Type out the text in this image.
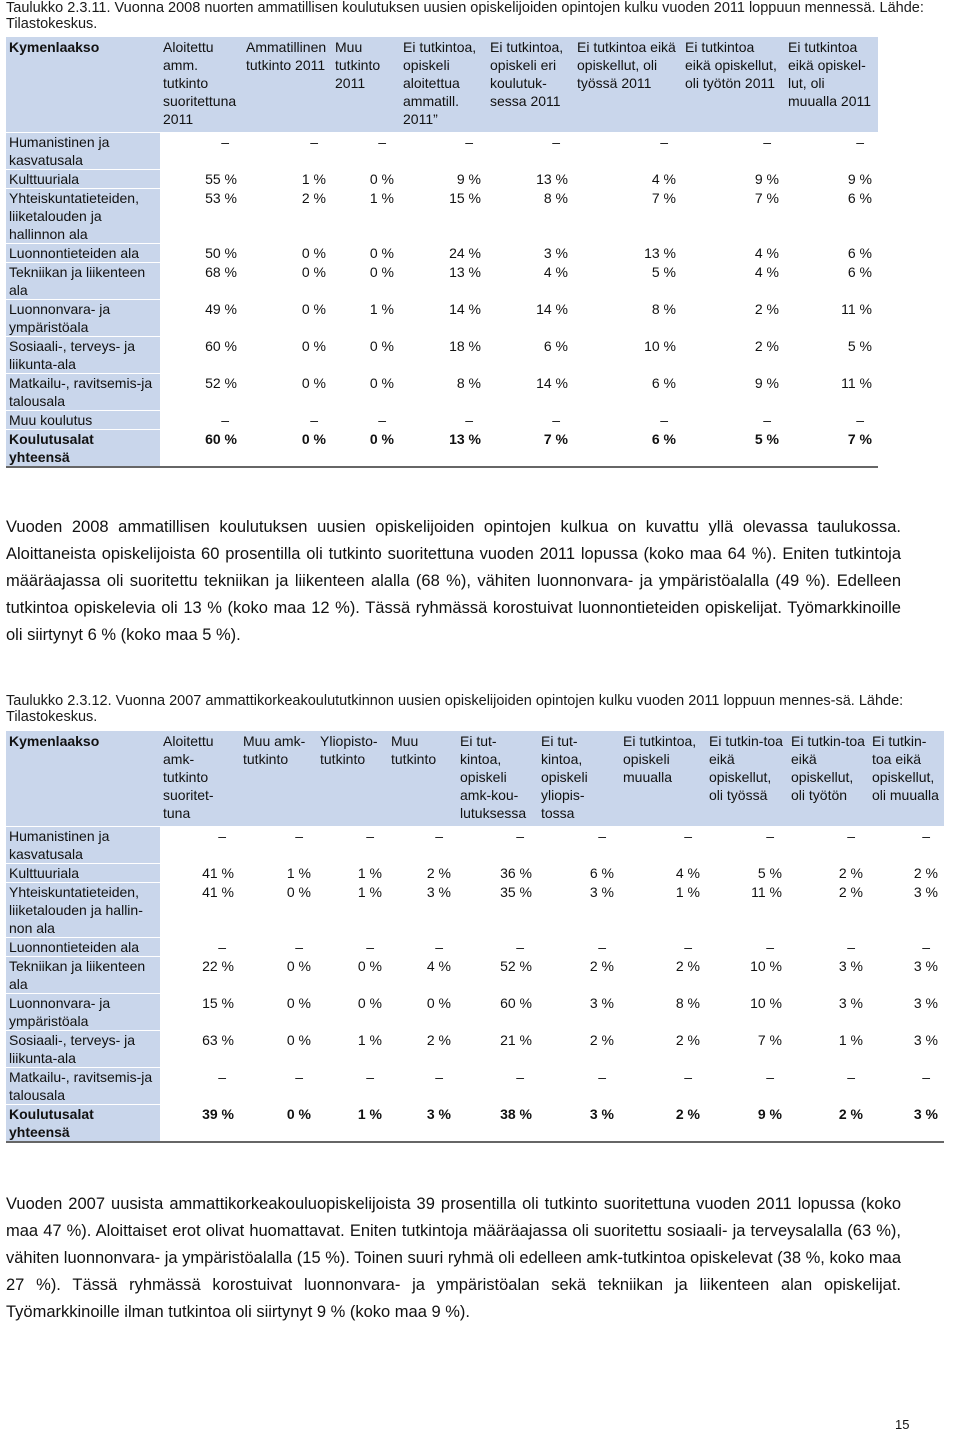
Taulukko 2.3.11. Vuonna 2008 nuorten ammatillisen koulutuksen uusien opiskelijoiden opintojen kulku vuoden 2011 loppuun mennessä. Lähde: Tilastokeskus.
Kymenlaakso	Aloitettu amm. tutkinto suoritettuna 2011	Ammatillinen tutkinto 2011	Muu tutkinto 2011	Ei tutkintoa, opiskeli aloitettua ammatill. 2011”	Ei tutkintoa, opiskeli eri koulutuk-sessa 2011	Ei tutkintoa eikä opiskellut, oli työssä 2011	Ei tutkintoa eikä opiskellut, oli työtön 2011	Ei tutkintoa eikä opiskel-lut, oli muualla 2011
Humanistinen ja kasvatusala	–	–	–	–	–	–	–	–
Kulttuuriala	55 %	1 %	0 %	9 %	13 %	4 %	9 %	9 %
Yhteiskuntatieteiden, liiketalouden ja hallinnon ala	53 %	2 %	1 %	15 %	8 %	7 %	7 %	6 %
Luonnontieteiden ala	50 %	0 %	0 %	24 %	3 %	13 %	4 %	6 %
Tekniikan ja liikenteen ala	68 %	0 %	0 %	13 %	4 %	5 %	4 %	6 %
Luonnonvara- ja ympäristöala	49 %	0 %	1 %	14 %	14 %	8 %	2 %	11 %
Sosiaali-, terveys- ja liikunta-ala	60 %	0 %	0 %	18 %	6 %	10 %	2 %	5 %
Matkailu-, ravitsemis-ja talousala	52 %	0 %	0 %	8 %	14 %	6 %	9 %	11 %
Muu koulutus	–	–	–	–	–	–	–	–
Koulutusalat yhteensä	60 %	0 %	0 %	13 %	7 %	6 %	5 %	7 %
Vuoden 2008 ammatillisen koulutuksen uusien opiskelijoiden opintojen kulkua on kuvattu yllä olevassa taulukossa. Aloittaneista opiskelijoista 60 prosentilla oli tutkinto suoritettuna vuoden 2011 lopussa (koko maa 64 %). Eniten tutkintoja määräajassa oli suoritettu tekniikan ja liikenteen alalla (68 %), vähiten luonnonvara- ja ympäristöalalla (49 %). Edelleen tutkintoa opiskelevia oli 13 % (koko maa 12 %). Tässä ryhmässä korostuivat luonnontieteiden opiskelijat. Työmarkkinoille oli siirtynyt 6 % (koko maa 5 %).
Taulukko 2.3.12. Vuonna 2007 ammattikorkeakoulututkinnon uusien opiskelijoiden opintojen kulku vuoden 2011 loppuun mennes-sä. Lähde: Tilastokeskus.
Kymenlaakso	Aloitettu amk-tutkinto suoritet-tuna	Muu amk-tutkinto	Yliopisto-tutkinto	Muu tutkinto	Ei tut-kintoa, opiskeli amk-kou-lutuksessa	Ei tut-kintoa, opiskeli yliopis-tossa	Ei tutkintoa, opiskeli muualla	Ei tutkin-toa eikä opiskellut, oli työssä	Ei tutkin-toa eikä opiskellut, oli työtön	Ei tutkin-toa eikä opiskellut, oli muualla
Humanistinen ja kasvatusala	–	–	–	–	–	–	–	–	–	–
Kulttuuriala	41 %	1 %	1 %	2 %	36 %	6 %	4 %	5 %	2 %	2 %
Yhteiskuntatieteiden, liiketalouden ja hallin-non ala	41 %	0 %	1 %	3 %	35 %	3 %	1 %	11 %	2 %	3 %
Luonnontieteiden ala	–	–	–	–	–	–	–	–	–	–
Tekniikan ja liikenteen ala	22 %	0 %	0 %	4 %	52 %	2 %	2 %	10 %	3 %	3 %
Luonnonvara- ja ympäristöala	15 %	0 %	0 %	0 %	60 %	3 %	8 %	10 %	3 %	3 %
Sosiaali-, terveys- ja liikunta-ala	63 %	0 %	1 %	2 %	21 %	2 %	2 %	7 %	1 %	3 %
Matkailu-, ravitsemis-ja talousala	–	–	–	–	–	–	–	–	–	–
Koulutusalat yhteensä	39 %	0 %	1 %	3 %	38 %	3 %	2 %	9 %	2 %	3 %
Vuoden 2007 uusista ammattikorkeakouluopiskelijoista 39 prosentilla oli tutkinto suoritettuna vuoden 2011 lopussa (koko maa 47 %). Aloittaiset erot olivat huomattavat. Eniten tutkintoja määräajassa oli suoritettu sosiaali- ja terveysalalla (63 %), vähiten luonnonvara- ja ympäristöalalla (15 %). Toinen suuri ryhmä oli edelleen amk-tutkintoa opiskelevat (38 %, koko maa 27 %). Tässä ryhmässä korostuivat luonnonvara- ja ympäristöalan sekä tekniikan ja liikenteen alan opiskelijat. Työmarkkinoille ilman tutkintoa oli siirtynyt 9 % (koko maa 9 %).
15
